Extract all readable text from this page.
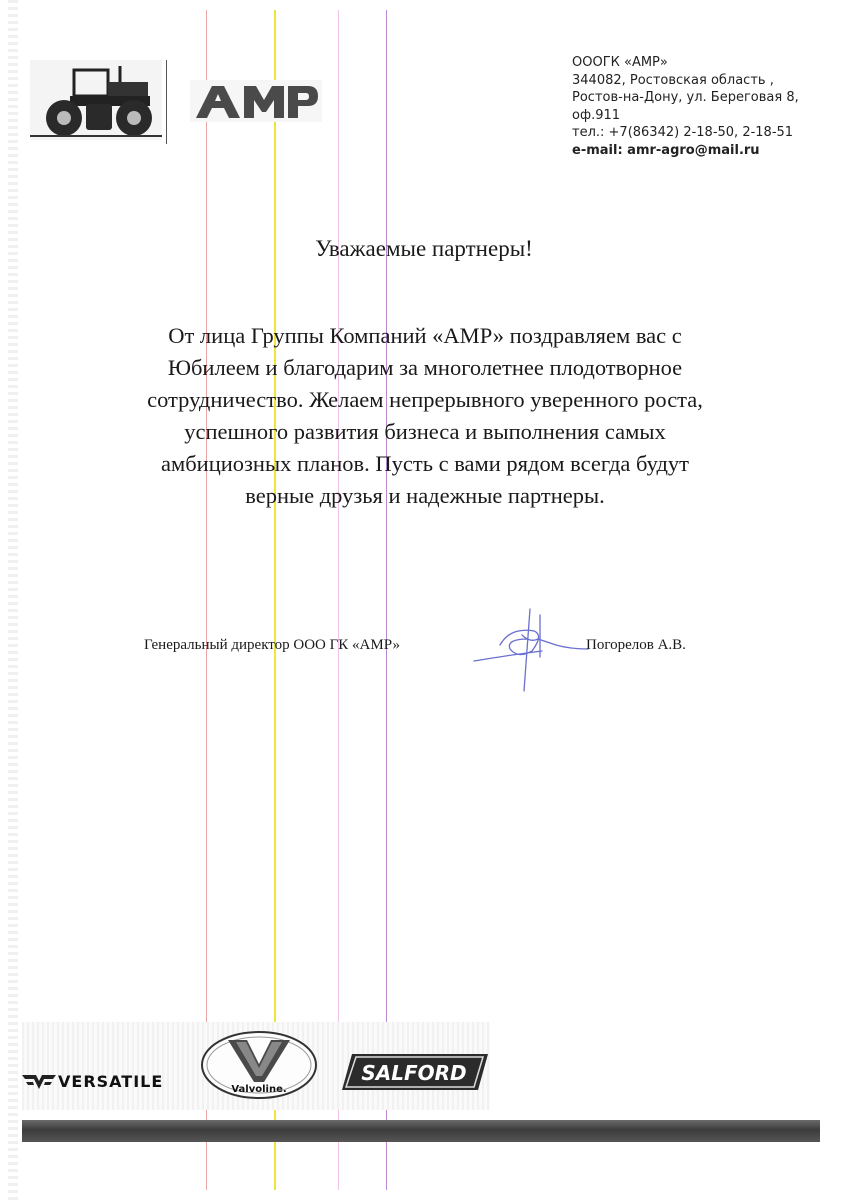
ОООГК «АМР»
344082, Ростовская область ,
Ростов-на-Дону, ул. Береговая 8,
оф.911
тел.: +7(86342) 2-18-50, 2-18-51
e-mail: amr-agro@mail.ru
Уважаемые партнеры!
От лица Группы Компаний «АМР» поздравляем вас с
Юбилеем и благодарим за многолетнее плодотворное
сотрудничество. Желаем непрерывного уверенного роста,
успешного развития бизнеса и выполнения самых
амбициозных планов. Пусть с вами рядом всегда будут
верные друзья и надежные партнеры.
Генеральный директор ООО ГК «АМР»	Погорелов А.В.
VERSATILE	Valvoline.
SALFORD
